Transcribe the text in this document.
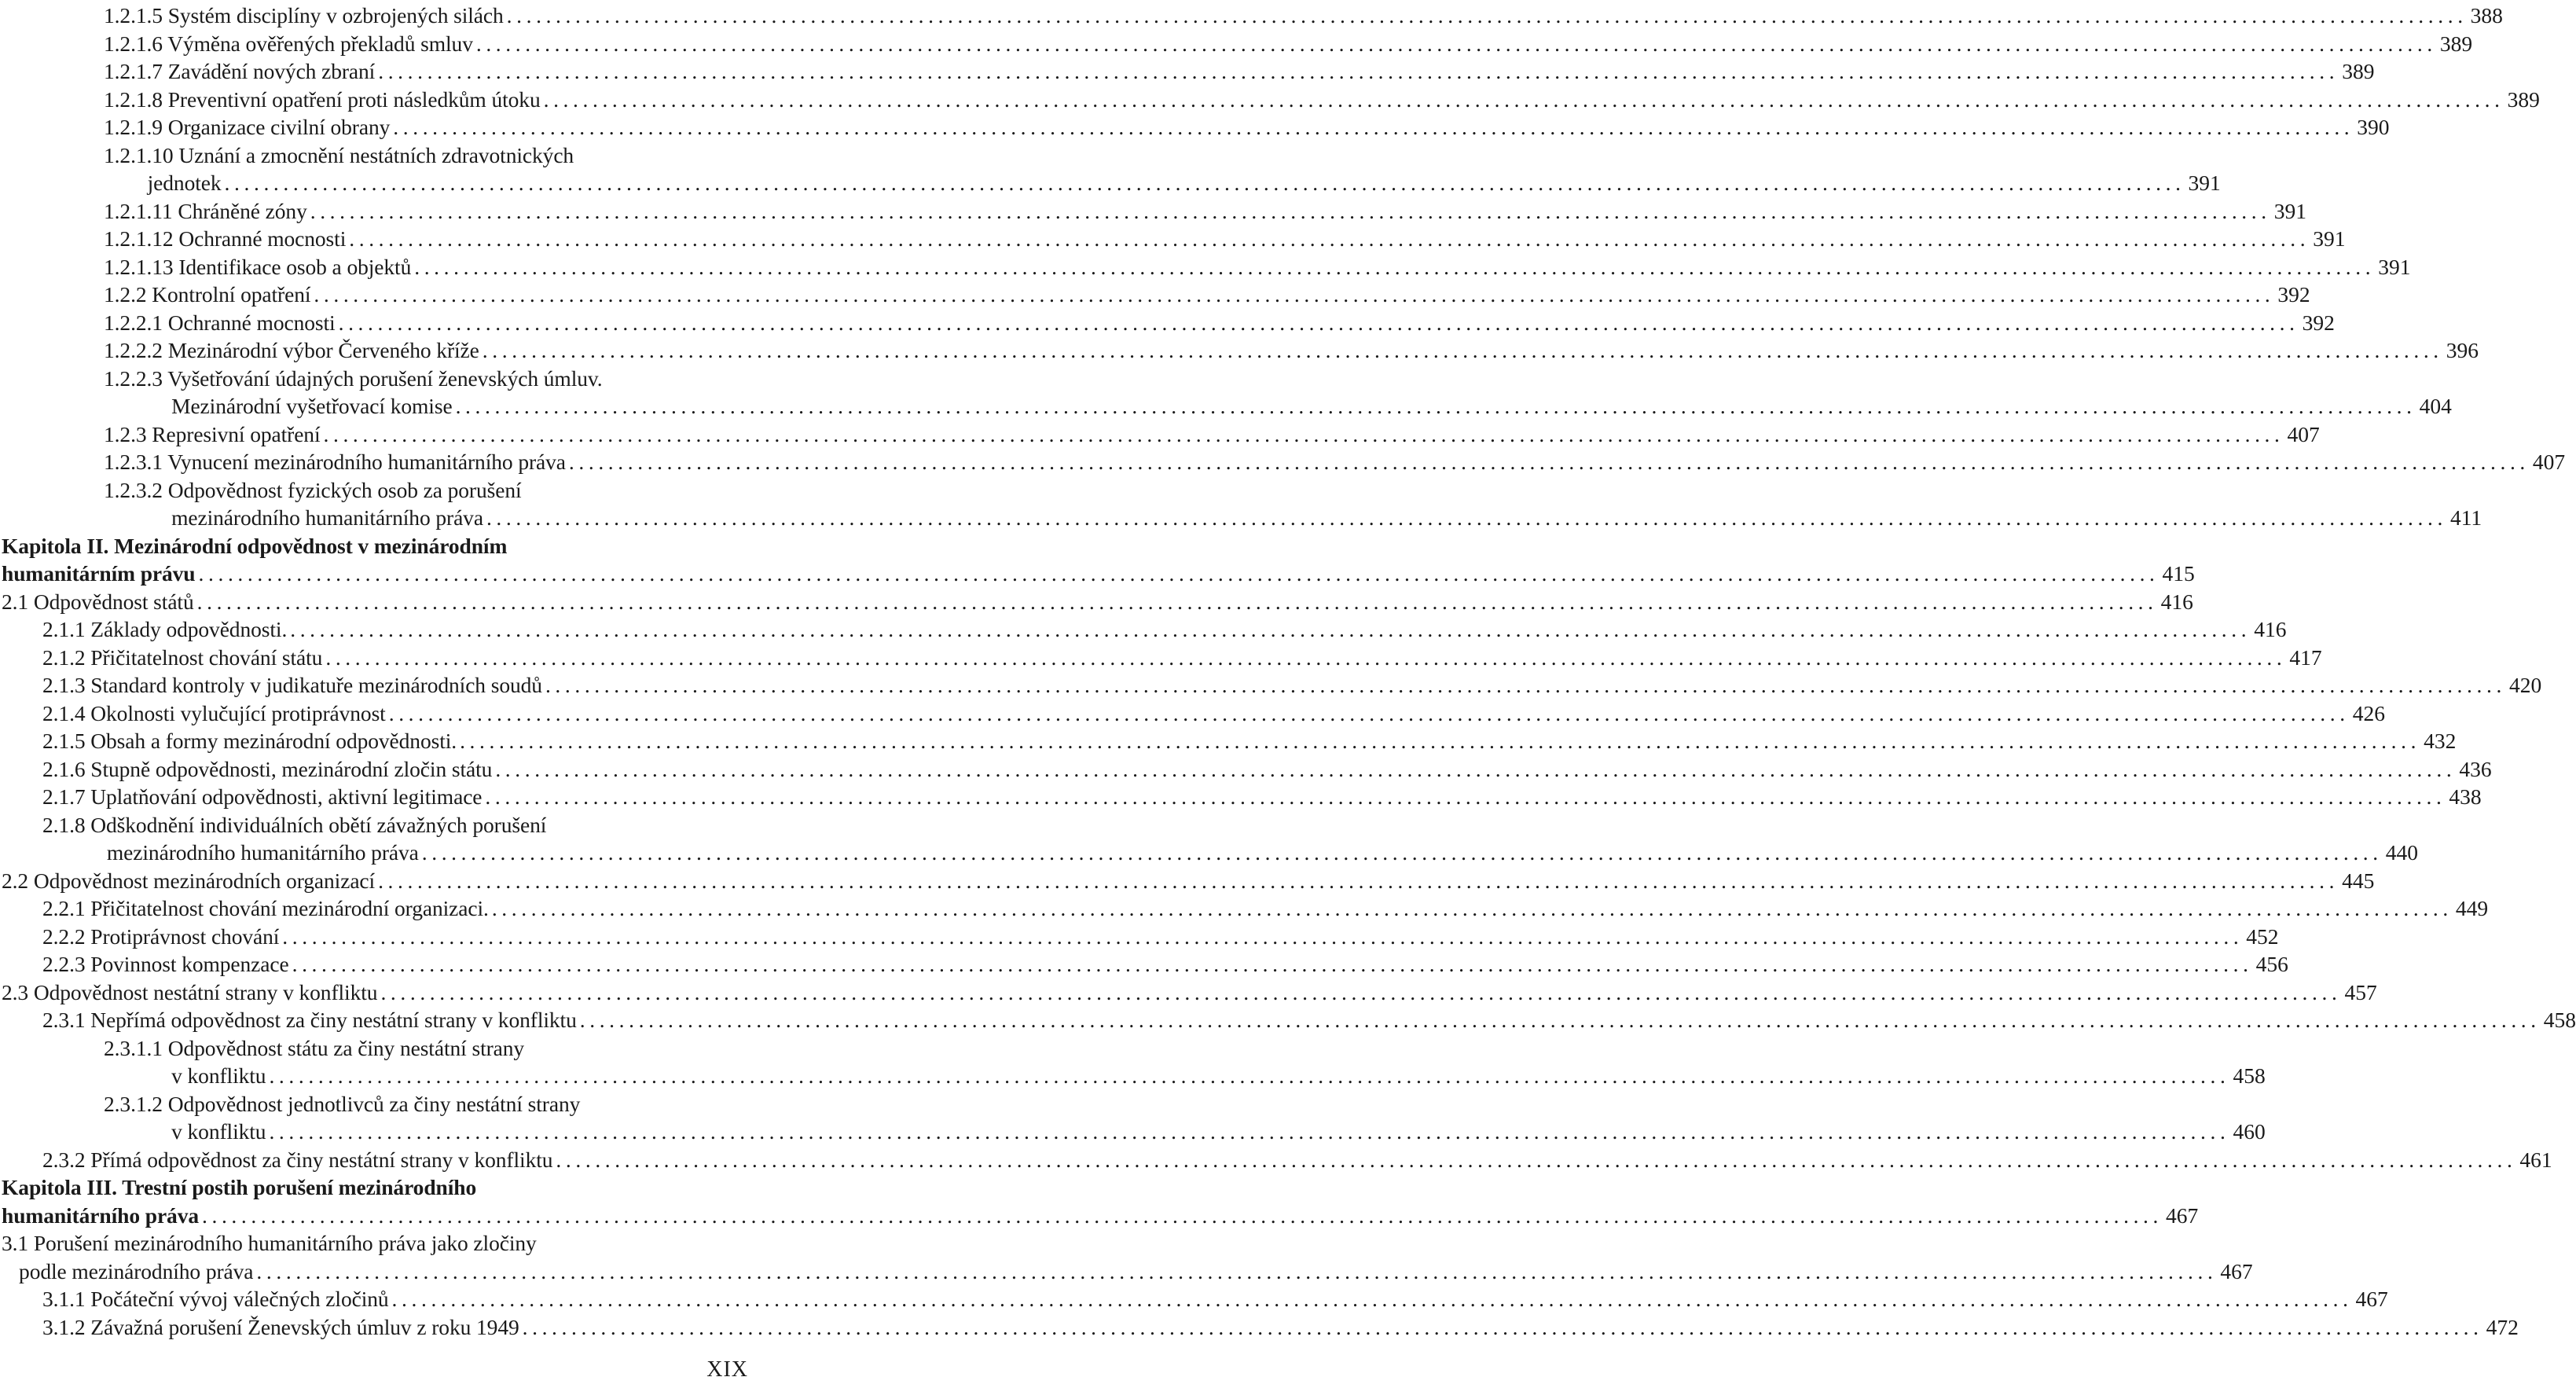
1.2.1.5 Systém disciplíny v ozbrojených silách ........................................................................................................................................................................................................ 388
1.2.1.6 Výměna ověřených překladů smluv ........................................................................................................................................................................................................ 389
1.2.1.7 Zavádění nových zbraní ........................................................................................................................................................................................................ 389
1.2.1.8 Preventivní opatření proti následkům útoku ........................................................................................................................................................................................................ 389
1.2.1.9 Organizace civilní obrany ........................................................................................................................................................................................................ 390
1.2.1.10 Uznání a zmocnění nestátních zdravotnických
jednotek ........................................................................................................................................................................................................ 391
1.2.1.11 Chráněné zóny ........................................................................................................................................................................................................ 391
1.2.1.12 Ochranné mocnosti ........................................................................................................................................................................................................ 391
1.2.1.13 Identifikace osob a objektů ........................................................................................................................................................................................................ 391
1.2.2 Kontrolní opatření ........................................................................................................................................................................................................ 392
1.2.2.1 Ochranné mocnosti ........................................................................................................................................................................................................ 392
1.2.2.2 Mezinárodní výbor Červeného kříže ........................................................................................................................................................................................................ 396
1.2.2.3 Vyšetřování údajných porušení ženevských úmluv.
Mezinárodní vyšetřovací komise ........................................................................................................................................................................................................ 404
1.2.3 Represivní opatření ........................................................................................................................................................................................................ 407
1.2.3.1 Vynucení mezinárodního humanitárního práva ........................................................................................................................................................................................................ 407
1.2.3.2 Odpovědnost fyzických osob za porušení
mezinárodního humanitárního práva ........................................................................................................................................................................................................ 411
Kapitola II. Mezinárodní odpovědnost v mezinárodním
humanitárním právu ........................................................................................................................................................................................................ 415
2.1 Odpovědnost států ........................................................................................................................................................................................................ 416
2.1.1 Základy odpovědnosti. ........................................................................................................................................................................................................ 416
2.1.2 Přičitatelnost chování státu ........................................................................................................................................................................................................ 417
2.1.3 Standard kontroly v judikatuře mezinárodních soudů ........................................................................................................................................................................................................ 420
2.1.4 Okolnosti vylučující protiprávnost ........................................................................................................................................................................................................ 426
2.1.5 Obsah a formy mezinárodní odpovědnosti. ........................................................................................................................................................................................................ 432
2.1.6 Stupně odpovědnosti, mezinárodní zločin státu ........................................................................................................................................................................................................ 436
2.1.7 Uplatňování odpovědnosti, aktivní legitimace ........................................................................................................................................................................................................ 438
2.1.8 Odškodnění individuálních obětí závažných porušení
mezinárodního humanitárního práva ........................................................................................................................................................................................................ 440
2.2 Odpovědnost mezinárodních organizací ........................................................................................................................................................................................................ 445
2.2.1 Přičitatelnost chování mezinárodní organizaci. ........................................................................................................................................................................................................ 449
2.2.2 Protiprávnost chování ........................................................................................................................................................................................................ 452
2.2.3 Povinnost kompenzace ........................................................................................................................................................................................................ 456
2.3 Odpovědnost nestátní strany v konfliktu ........................................................................................................................................................................................................ 457
2.3.1 Nepřímá odpovědnost za činy nestátní strany v konfliktu ........................................................................................................................................................................................................ 458
2.3.1.1 Odpovědnost státu za činy nestátní strany
v konfliktu ........................................................................................................................................................................................................ 458
2.3.1.2 Odpovědnost jednotlivců za činy nestátní strany
v konfliktu ........................................................................................................................................................................................................ 460
2.3.2 Přímá odpovědnost za činy nestátní strany v konfliktu ........................................................................................................................................................................................................ 461
Kapitola III. Trestní postih porušení mezinárodního
humanitárního práva ........................................................................................................................................................................................................ 467
3.1 Porušení mezinárodního humanitárního práva jako zločiny
podle mezinárodního práva ........................................................................................................................................................................................................ 467
3.1.1 Počáteční vývoj válečných zločinů ........................................................................................................................................................................................................ 467
3.1.2 Závažná porušení Ženevských úmluv z roku 1949 ........................................................................................................................................................................................................ 472
XIX
